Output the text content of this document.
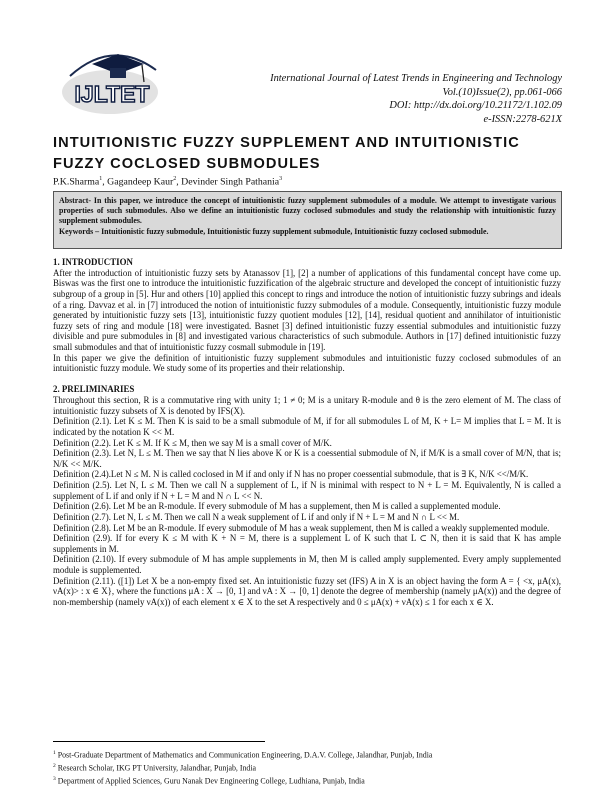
IJLTET
International Journal of Latest Trends in Engineering and Technology
Vol.(10)Issue(2), pp.061-066
DOI: http://dx.doi.org/10.21172/1.102.09
e-ISSN:2278-621X
INTUITIONISTIC FUZZY SUPPLEMENT AND INTUITIONISTIC FUZZY COCLOSED SUBMODULES
P.K.Sharma$^1$, Gagandeep Kaur$^2$, Devinder Singh Pathania$^3$
Abstract- In this paper, we introduce the concept of intuitionistic fuzzy supplement submodules of a module. We attempt to investigate various properties of such submodules. Also we define an intuitionistic fuzzy coclosed submodules and study the relationship with intuitionistic fuzzy supplement submodules.
Keywords – Intuitionistic fuzzy submodule, Intuitionistic fuzzy supplement submodule, Intuitionistic fuzzy coclosed submodule.

1. INTRODUCTION

After the introduction of intuitionistic fuzzy sets by Atanassov [1], [2] a number of applications of this fundamental concept have come up. Biswas was the first one to introduce the intuitionistic fuzzification of the algebraic structure and developed the concept of intuitionistic fuzzy subgroup of a group in [5]. Hur and others [10] applied this concept to rings and introduce the notion of intuitionistic fuzzy subrings and ideals of a ring. Davvaz et al. in [7] introduced the notion of intuitionistic fuzzy submodules of a module. Consequently, intuitionistic fuzzy module generated by intuitionistic fuzzy sets [13], intuitionistic fuzzy quotient modules [12], [14], residual quotient and annihilator of intuitionistic fuzzy sets of ring and module [18] were investigated. Basnet [3] defined intuitionistic fuzzy essential submodules and intuitionistic fuzzy divisible and pure submodules in [8] and investigated various characteristics of such submodule. Authors in [17] defined intuitionistic fuzzy small submodules and that of intuitionistic fuzzy cosmall submodule in [19].

In this paper we give the definition of intuitionistic fuzzy supplement submodules and intuitionistic fuzzy coclosed submodules of an intuitionistic fuzzy module. We study some of its properties and their relationship.

2. PRELIMINARIES

Throughout this section, R is a commutative ring with unity 1; 1 ≠ 0; M is a unitary R-module and θ is the zero element of M. The class of intuitionistic fuzzy subsets of X is denoted by IFS(X).

Definition (2.1). Let K ≤ M. Then K is said to be a small submodule of M, if for all submodules L of M, K + L= M implies that L = M. It is indicated by the notation K << M.

Definition (2.2). Let K ≤ M. If K ≤ M, then we say M is a small cover of M/K.

Definition (2.3). Let N, L ≤ M. Then we say that N lies above K or K is a coessential submodule of N, if M/K is a small cover of M/N, that is; N/K << M/K.

Definition (2.4).Let N ≤ M. N is called coclosed in M if and only if N has no proper coessential submodule, that is ∃ K, N/K <</M/K.

Definition (2.5). Let N, L ≤ M. Then we call N a supplement of L, if N is minimal with respect to N + L = M. Equivalently, N is called a supplement of L if and only if N + L = M and N ∩ L << N.

Definition (2.6). Let M be an R-module. If every submodule of M has a supplement, then M is called a supplemented module.

Definition (2.7). Let N, L ≤ M. Then we call N a weak supplement of L if and only if N + L = M and N ∩ L << M.

Definition (2.8). Let M be an R-module. If every submodule of M has a weak supplement, then M is called a weakly supplemented module.

Definition (2.9). If for every K ≤ M with K + N = M, there is a supplement L of K such that L ⊂ N, then it is said that K has ample supplements in M.

Definition (2.10). If every submodule of M has ample supplements in M, then M is called amply supplemented. Every amply supplemented module is supplemented.

Definition (2.11). ([1]) Let X be a non-empty fixed set. An intuitionistic fuzzy set (IFS) A in X is an object having the form A = { <x, μA(x), νA(x)> : x ∈ X}, where the functions μA : X → [0, 1] and νA : X → [0, 1] denote the degree of membership (namely μA(x)) and the degree of non-membership (namely νA(x)) of each element x ∈ X to the set A respectively and 0 ≤ μA(x) + νA(x) ≤ 1 for each x ∈ X.

$^1$ Post-Graduate Department of Mathematics and Communication Engineering, D.A.V. College, Jalandhar, Punjab, India
$^2$ Research Scholar, IKG PT University, Jalandhar, Punjab, India
$^3$ Department of Applied Sciences, Guru Nanak Dev Engineering College, Ludhiana, Punjab, India
